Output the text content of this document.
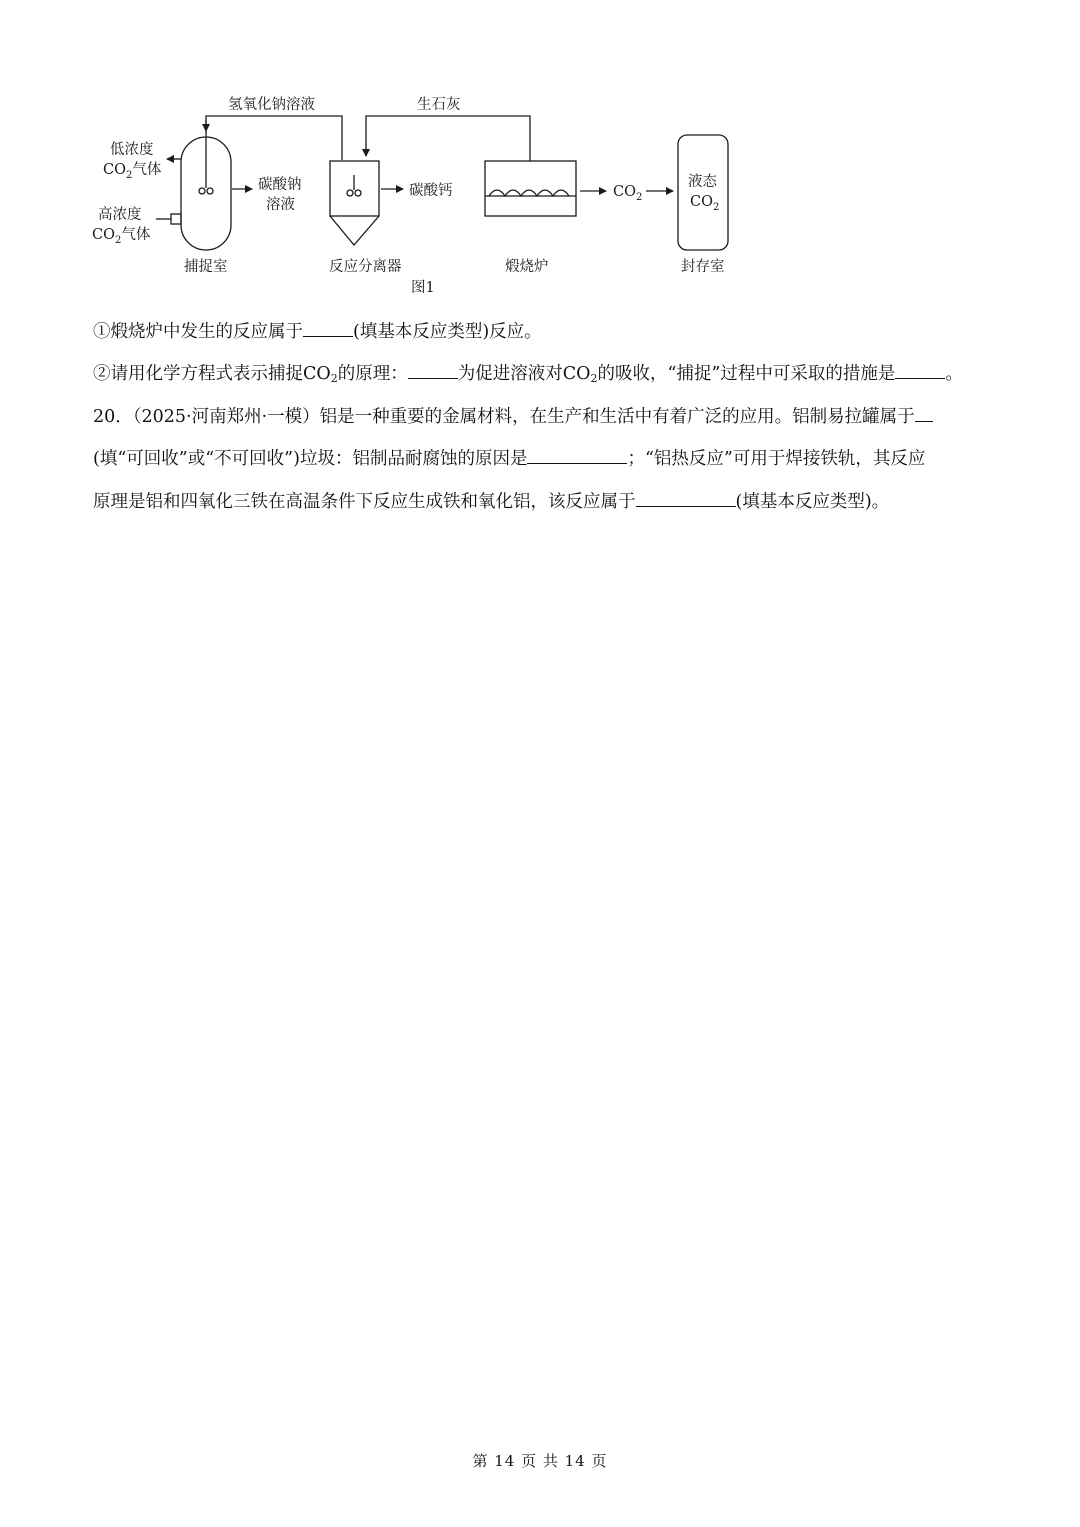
氢氧化钠溶液	生石灰
低浓度
$CO_2$气体
高浓度
$CO_2$气体
碳酸钠
溶液
碳酸钙	$CO_2$
液态
$CO_2$
捕捉室	反应分离器	煅烧炉	封存室
图1
①煅烧炉中发生的反应属于	(填基本反应类型)反应。
②请用化学方程式表示捕捉$CO_2$的原理：	为促进溶液对$CO_2$的吸收，“捕捉”过程中可采取的措施是	。
20．（2025·河南郑州·一模）铝是一种重要的金属材料，在生产和生活中有着广泛的应用。铝制易拉罐属于
(填“可回收”或“不可回收”)垃圾：铝制品耐腐蚀的原因是	；“铝热反应”可用于焊接铁轨，其反应
原理是铝和四氧化三铁在高温条件下反应生成铁和氧化铝，该反应属于	(填基本反应类型)。
第 14 页 共 14 页
